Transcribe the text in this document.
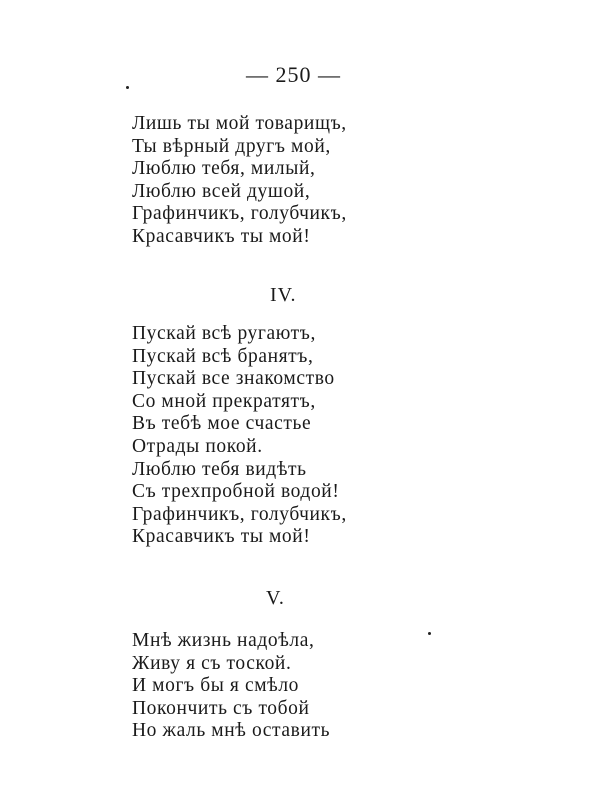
— 250 —
Лишь ты мой товарищъ,
Ты вѣрный другъ мой,
Люблю тебя, милый,
Люблю всей душой,
Графинчикъ, голубчикъ,
Красавчикъ ты мой!
IV.
Пускай всѣ ругаютъ,
Пускай всѣ бранятъ,
Пускай все знакомство
Со мной прекратятъ,
Въ тебѣ мое счастье
Отрады покой.
Люблю тебя видѣть
Съ трехпробной водой!
Графинчикъ, голубчикъ,
Красавчикъ ты мой!
V.
Мнѣ жизнь надоѣла,
Живу я съ тоской.
И могъ бы я смѣло
Покончить съ тобой
Но жаль мнѣ оставить
